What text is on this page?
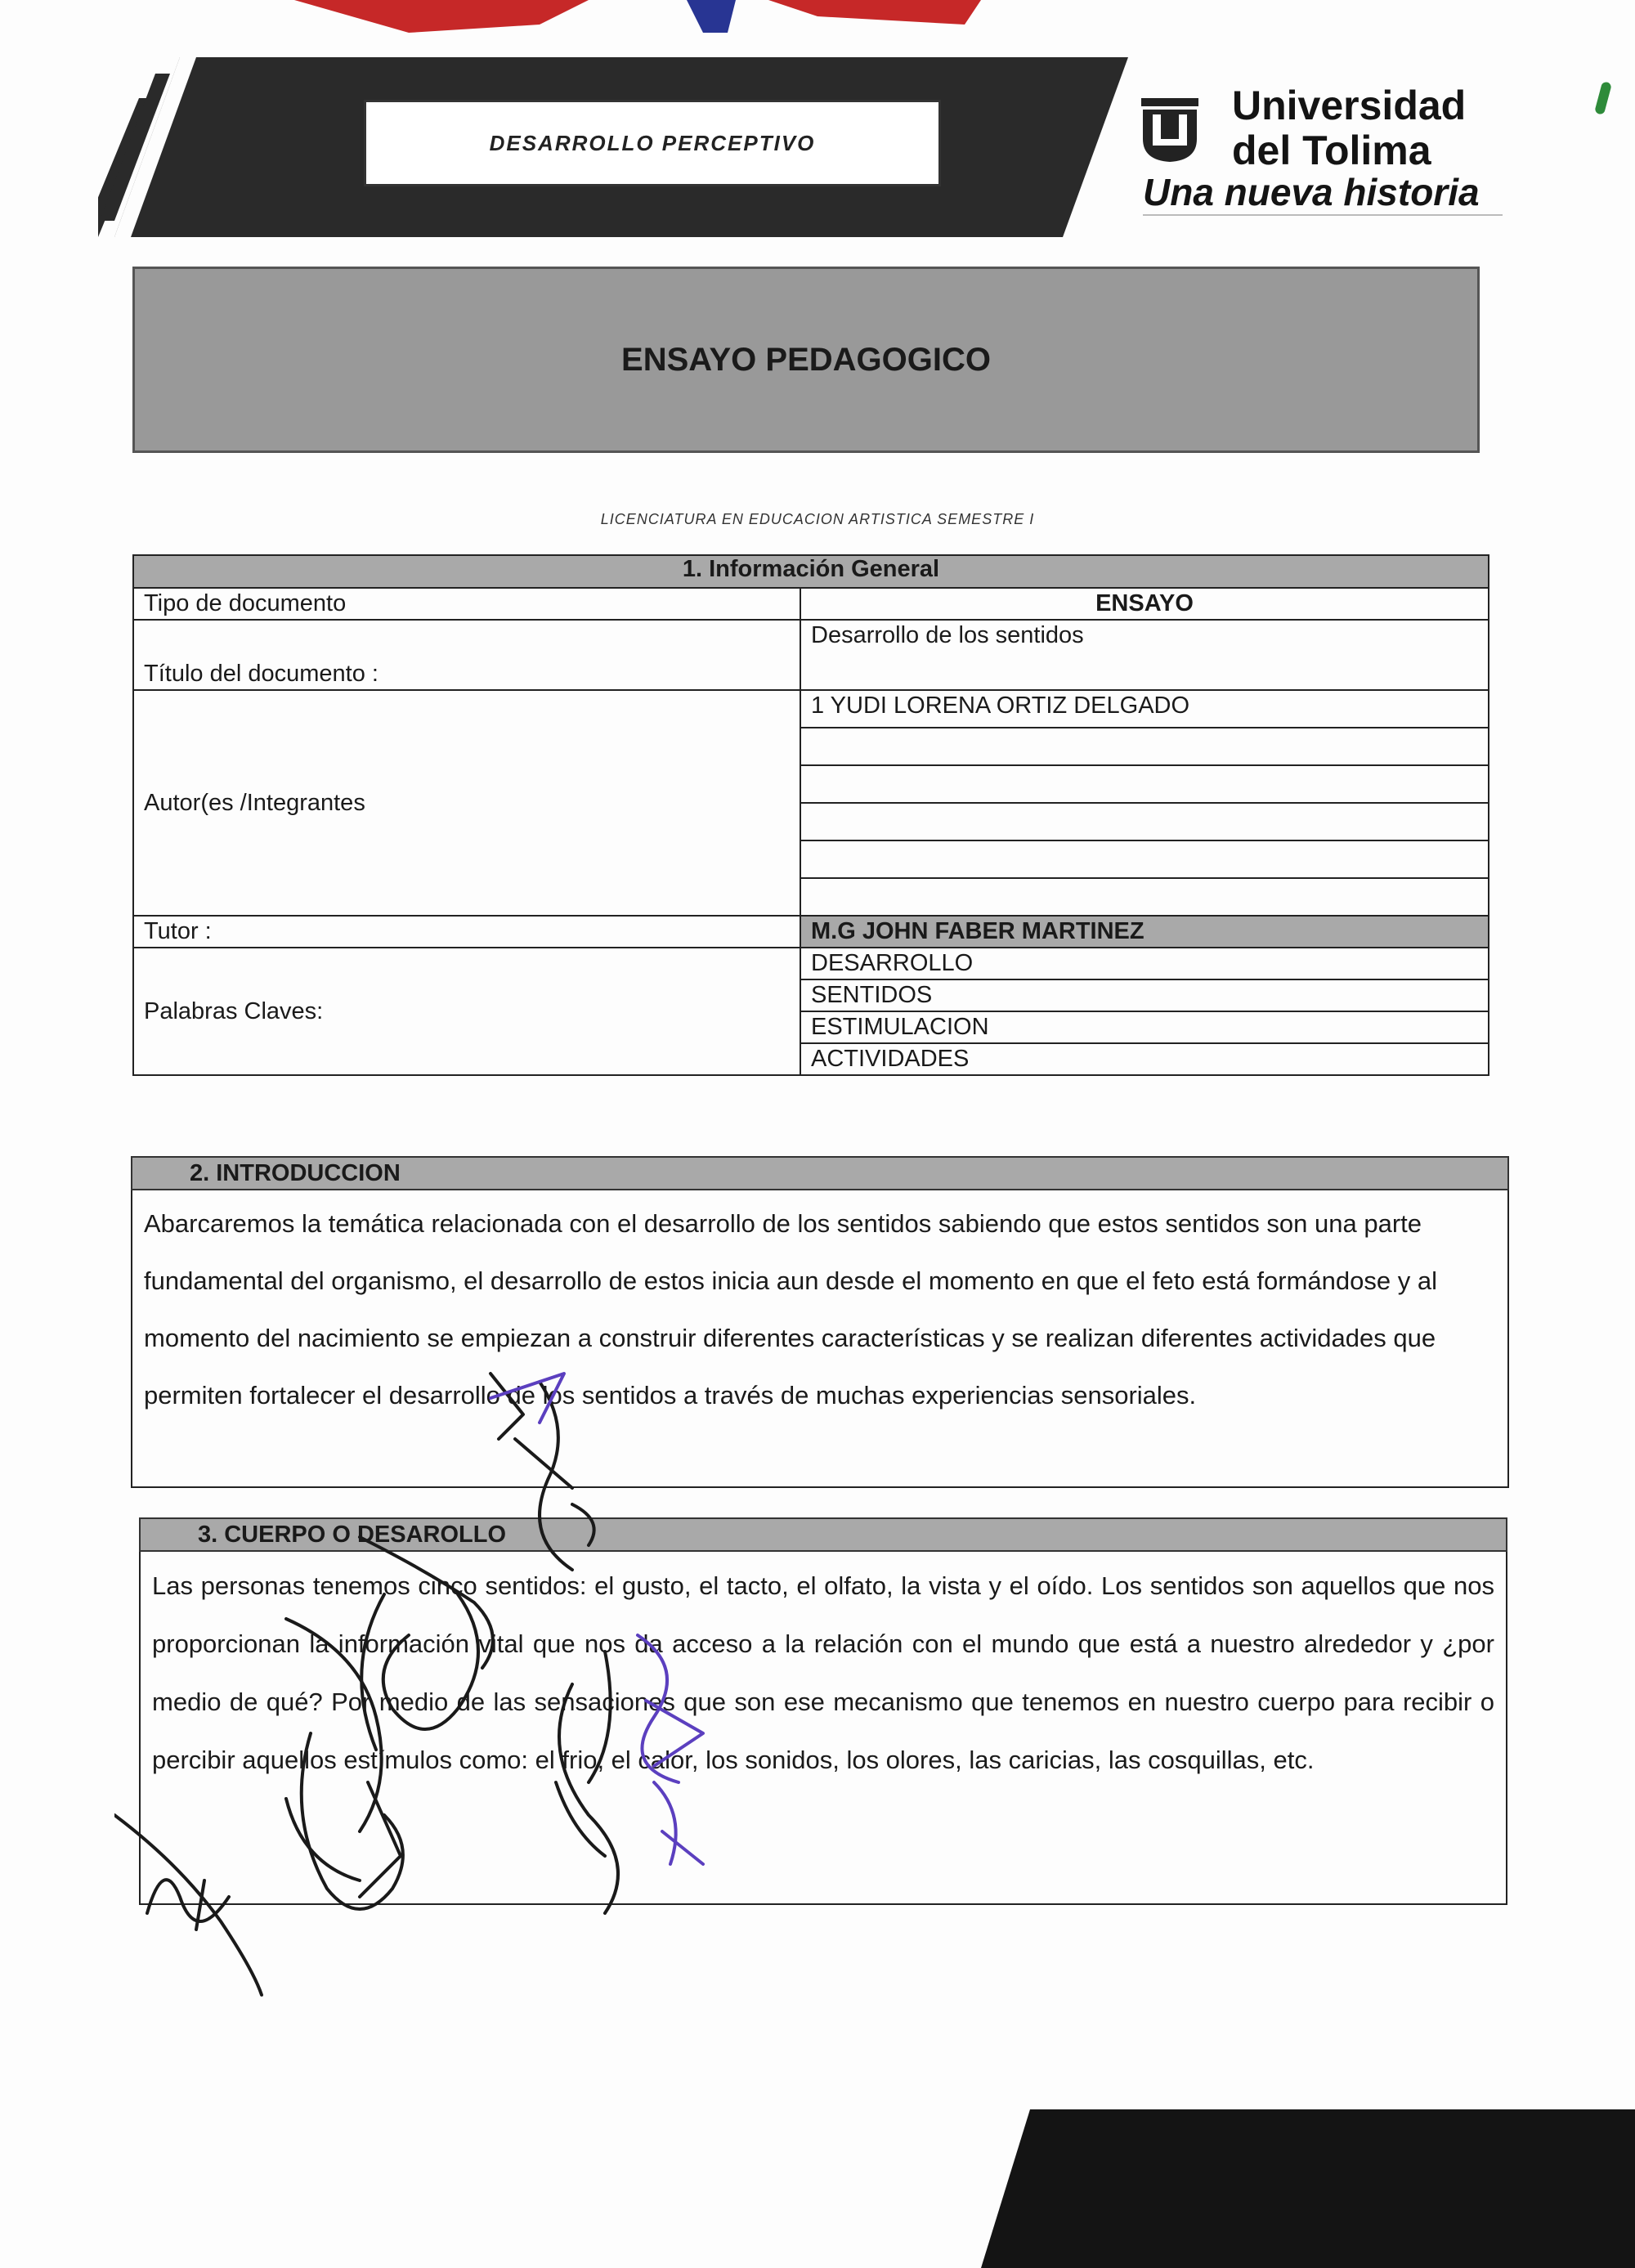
DESARROLLO PERCEPTIVO
Universidad
del Tolima
Una nueva historia
ENSAYO PEDAGOGICO
LICENCIATURA EN EDUCACION ARTISTICA SEMESTRE I
1. Información General	
Tipo de documento	ENSAYO
Título del documento :	Desarrollo de los sentidos
Autor(es /Integrantes	1 YUDI LORENA ORTIZ DELGADO

Tutor :	M.G JOHN FABER MARTINEZ
Palabras Claves:	DESARROLLO
	SENTIDOS
	ESTIMULACION
	ACTIVIDADES
2. INTRODUCCION
Abarcaremos la temática relacionada con el desarrollo de los sentidos sabiendo que estos sentidos son una parte fundamental del organismo, el desarrollo de estos inicia aun desde el momento en que el feto está formándose y al momento del nacimiento se empiezan a construir diferentes características y se realizan diferentes actividades que permiten fortalecer el desarrollo de los sentidos a través de muchas experiencias sensoriales.
3. CUERPO O DESAROLLO
Las personas tenemos cinco sentidos: el gusto, el tacto, el olfato, la vista y el oído. Los sentidos son aquellos que nos proporcionan la información vital que nos da acceso a la relación con el mundo que está a nuestro alrededor y ¿por medio de qué? Por medio de las sensaciones que son ese mecanismo que tenemos en nuestro cuerpo para recibir o percibir aquellos estímulos como: el frio, el calor, los sonidos, los olores, las caricias, las cosquillas, etc.
